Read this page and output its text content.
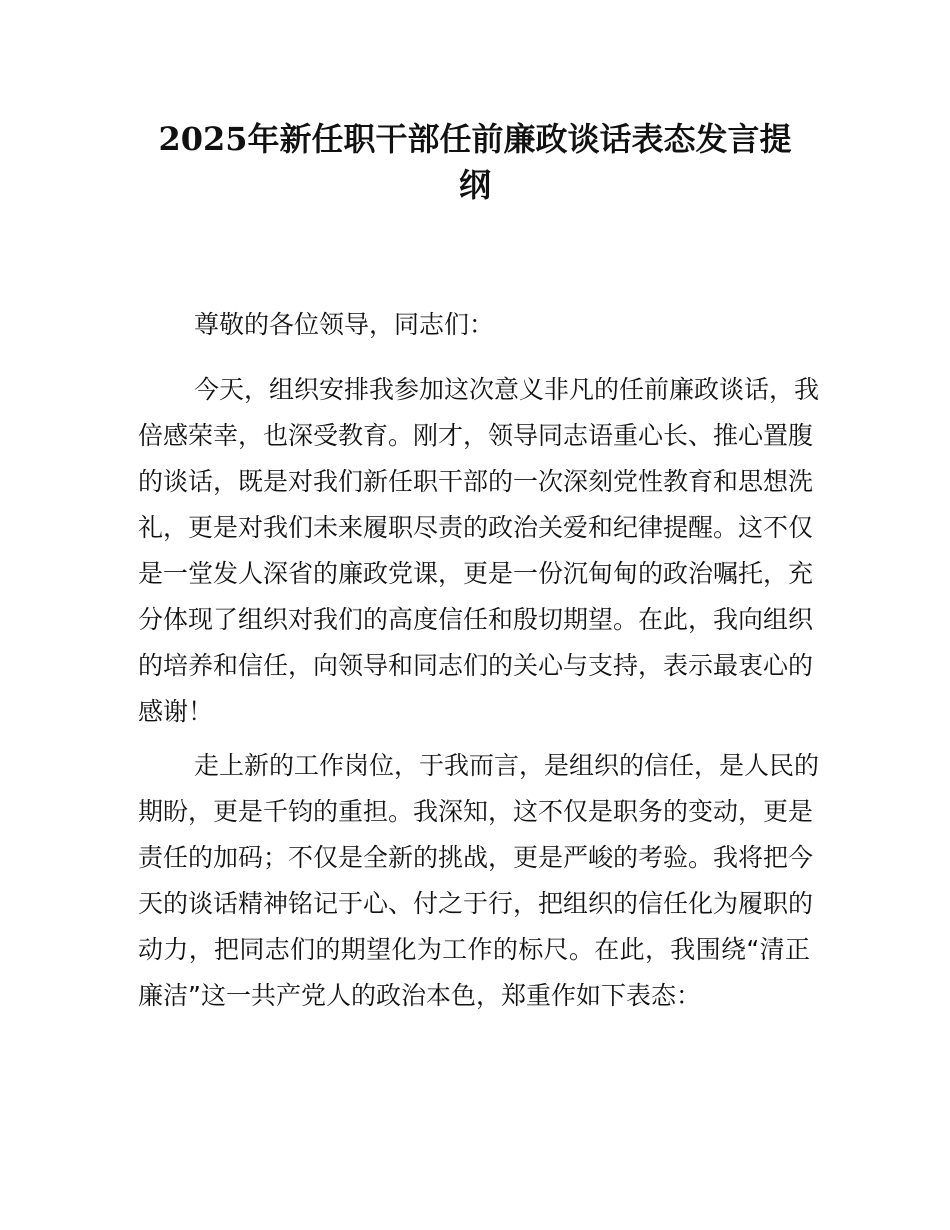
2025年新任职干部任前廉政谈话表态发言提
纲

尊敬的各位领导，同志们：

今天，组织安排我参加这次意义非凡的任前廉政谈话，我
倍感荣幸，也深受教育。刚才，领导同志语重心长、推心置腹
的谈话，既是对我们新任职干部的一次深刻党性教育和思想洗
礼，更是对我们未来履职尽责的政治关爱和纪律提醒。这不仅
是一堂发人深省的廉政党课，更是一份沉甸甸的政治嘱托，充
分体现了组织对我们的高度信任和殷切期望。在此，我向组织
的培养和信任，向领导和同志们的关心与支持，表示最衷心的
感谢！

走上新的工作岗位，于我而言，是组织的信任，是人民的
期盼，更是千钧的重担。我深知，这不仅是职务的变动，更是
责任的加码；不仅是全新的挑战，更是严峻的考验。我将把今
天的谈话精神铭记于心、付之于行，把组织的信任化为履职的
动力，把同志们的期望化为工作的标尺。在此，我围绕“清正
廉洁”这一共产党人的政治本色，郑重作如下表态：
